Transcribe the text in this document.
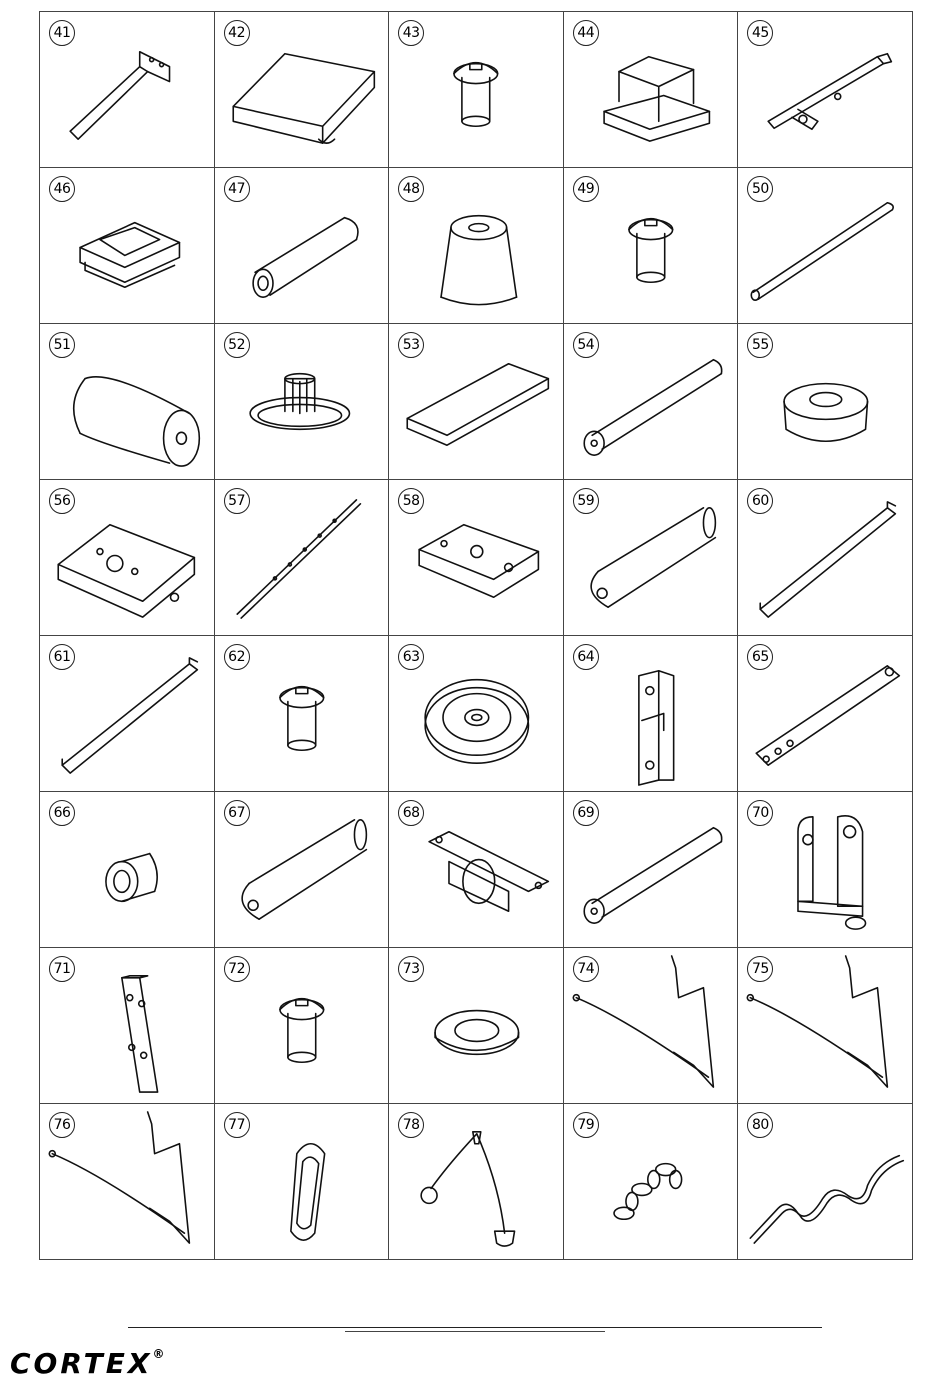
41	42	43	44	45
46	47	48	49	50
51	52	53	54	55
56	57	58	59	60
61	62	63	64	65
66	67	68	69	70
71	72	73	74	75
76	77	78	79	80
CORTEX®
